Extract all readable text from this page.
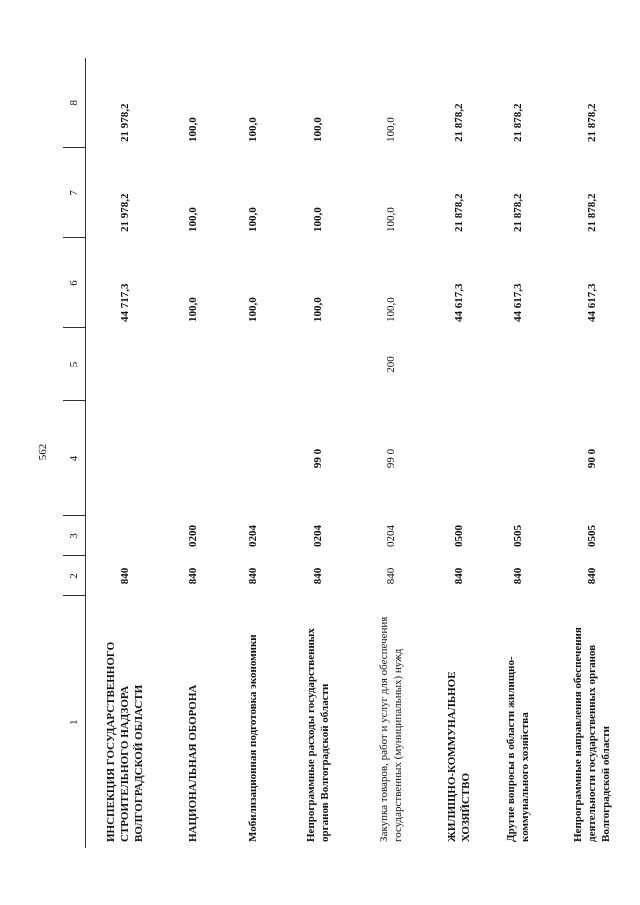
562
1	2	3	4	5	6	7	8
ИНСПЕКЦИЯ ГОСУДАРСТВЕННОГО СТРОИТЕЛЬНОГО НАДЗОРА ВОЛГОГРАДСКОЙ ОБЛАСТИ	840				44 717,3	21 978,2	21 978,2
НАЦИОНАЛЬНАЯ ОБОРОНА	840	0200			100,0	100,0	100,0
Мобилизационная подготовка экономики	840	0204			100,0	100,0	100,0
Непрограммные расходы государственных органов Волгоградской области	840	0204	99 0		100,0	100,0	100,0
Закупка товаров, работ и услуг для обеспечения государственных (муниципальных) нужд	840	0204	99 0	200	100,0	100,0	100,0
ЖИЛИЩНО-КОММУНАЛЬНОЕ ХОЗЯЙСТВО	840	0500			44 617,3	21 878,2	21 878,2
Другие вопросы в области жилищно-коммунального хозяйства	840	0505			44 617,3	21 878,2	21 878,2
Непрограммные направления обеспечения деятельности государственных органов Волгоградской области	840	0505	90 0		44 617,3	21 878,2	21 878,2
